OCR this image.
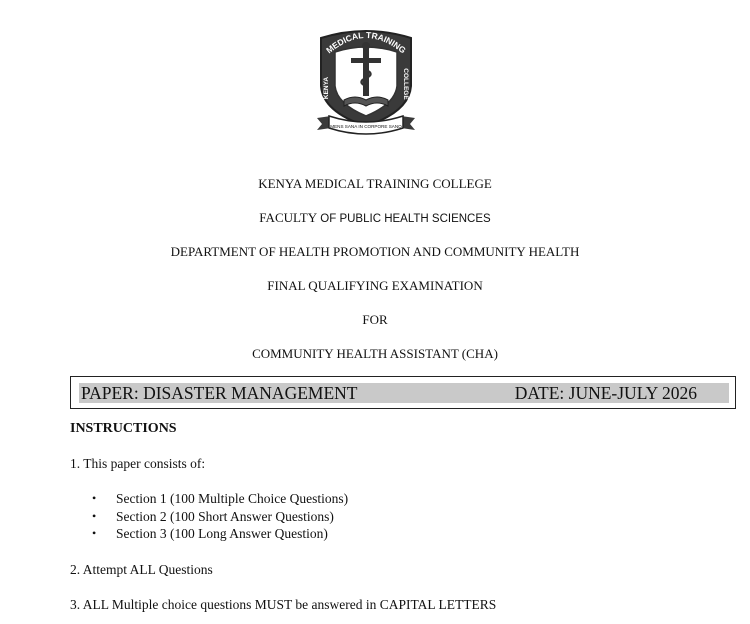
MEDICAL TRAINING
KENYA	COLLEGE
MENS SANA IN CORPORE SANO
KENYA MEDICAL TRAINING COLLEGE
FACULTY OF PUBLIC HEALTH SCIENCES
DEPARTMENT OF HEALTH PROMOTION AND COMMUNITY HEALTH
FINAL QUALIFYING EXAMINATION
FOR
COMMUNITY HEALTH ASSISTANT (CHA)
PAPER: DISASTER MANAGEMENT	DATE: JUNE-JULY 2026
INSTRUCTIONS
1. This paper consists of:
• Section 1 (100 Multiple Choice Questions)
• Section 2 (100 Short Answer Questions)
• Section 3 (100 Long Answer Question)
2. Attempt ALL Questions
3. ALL Multiple choice questions MUST be answered in CAPITAL LETTERS
